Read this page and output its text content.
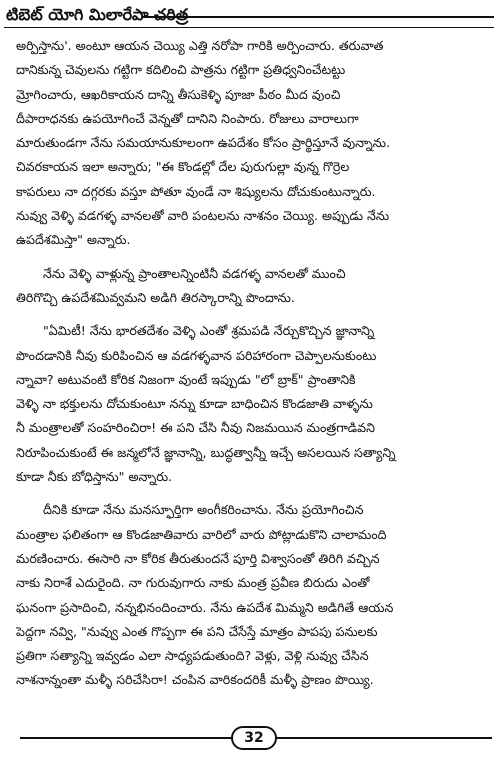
టిబెట్ యోగి మిలారేపా చరిత్ర
అర్పిస్తాను'. అంటూ ఆయన చెయ్యి ఎత్తి నరోపా గారికి అర్పించారు. తరువాత
దానికున్న చెవులను గట్టిగా కదిలించి పాత్రను గట్టిగా ప్రతిధ్వనించేటట్టు
మ్రోగించారు, ఆఖరికాయన దాన్ని తీసుకెళ్ళి పూజా పీఠం మీద వుంచి
దీపారాధనకు ఉపయోగించే వెన్నతో దానిని నింపారు. రోజులు వారాలుగా
మారుతుండగా నేను సమయానుకూలంగా ఉపదేశం కోసం ప్రార్థిస్తూనే వున్నాను.
చివరకాయన ఇలా అన్నారు; "ఈ కొండల్లో దేల పురుగుల్లా వున్న గొర్రెల
కాపరులు నా దగ్గరకు వస్తూ పోతూ వుండే నా శిష్యులను దోచుకుంటున్నారు.
నువ్వు వెళ్ళి వడగళ్ళ వానలతో వారి పంటలను నాశనం చెయ్యి. అప్పుడు నేను
ఉపదేశమిస్తా" అన్నారు.
నేను వెళ్ళి వాళ్లున్న ప్రాంతాలన్నింటినీ వడగళ్ళ వానలతో ముంచి
తిరిగొచ్చి ఉపదేశమివ్వమని అడిగి తిరస్కారాన్ని పొందాను.
"ఏమిటీ! నేను భారతదేశం వెళ్ళి ఎంతో శ్రమపడి నేర్చుకొచ్చిన జ్ఞానాన్ని
పొందడానికి నీవు కురిపించిన ఆ వడగళ్ళవాన పరిహారంగా చెప్పాలనుకుంటు
న్నావా? అటువంటి కోరిక నిజంగా వుంటే ఇప్పుడు "లో బ్రాక్" ప్రాంతానికి
వెళ్ళి నా భక్తులను దోచుకుంటూ నన్ను కూడా బాధించిన కొండజాతి వాళ్ళను
నీ మంత్రాలతో సంహరించిరా! ఈ పని చేసి నీవు నిజమయిన మంత్రగాడివని
నిరూపించుకుంటే ఈ జన్మలోనే జ్ఞానాన్ని, బుద్ధత్వాన్నీ ఇచ్చే అసలయిన సత్యాన్ని
కూడా నీకు బోధిస్తాను" అన్నారు.
దీనికి కూడా నేను మనస్ఫూర్తిగా అంగీకరించాను. నేను ప్రయోగించిన
మంత్రాల ఫలితంగా ఆ కొండజాతివారు వారిలో వారు పోట్లాడుకొని చాలామంది
మరణించారు. ఈసారి నా కోరిక తీరుతుందనే పూర్తి విశ్వాసంతో తిరిగి వచ్చిన
నాకు నిరాశే ఎదురైంది. నా గురువుగారు నాకు మంత్ర ప్రవీణ బిరుదు ఎంతో
ఘనంగా ప్రసాదించి, నన్నభినందించారు. నేను ఉపదేశ మిమ్మని అడిగితే ఆయన
పెద్దగా నవ్వి, "నువ్వు ఎంత గొప్పగా ఈ పని చేసేస్తే మాత్రం పాపపు పనులకు
ప్రతిగా సత్యాన్ని ఇవ్వడం ఎలా సాధ్యపడుతుంది? వెళ్లు, వెళ్లి నువ్వు చేసిన
నాశనాన్నంతా మళ్ళీ సరిచేసిరా! చంపిన వారికందరికీ మళ్ళీ ప్రాణం పొయ్యి.
32
